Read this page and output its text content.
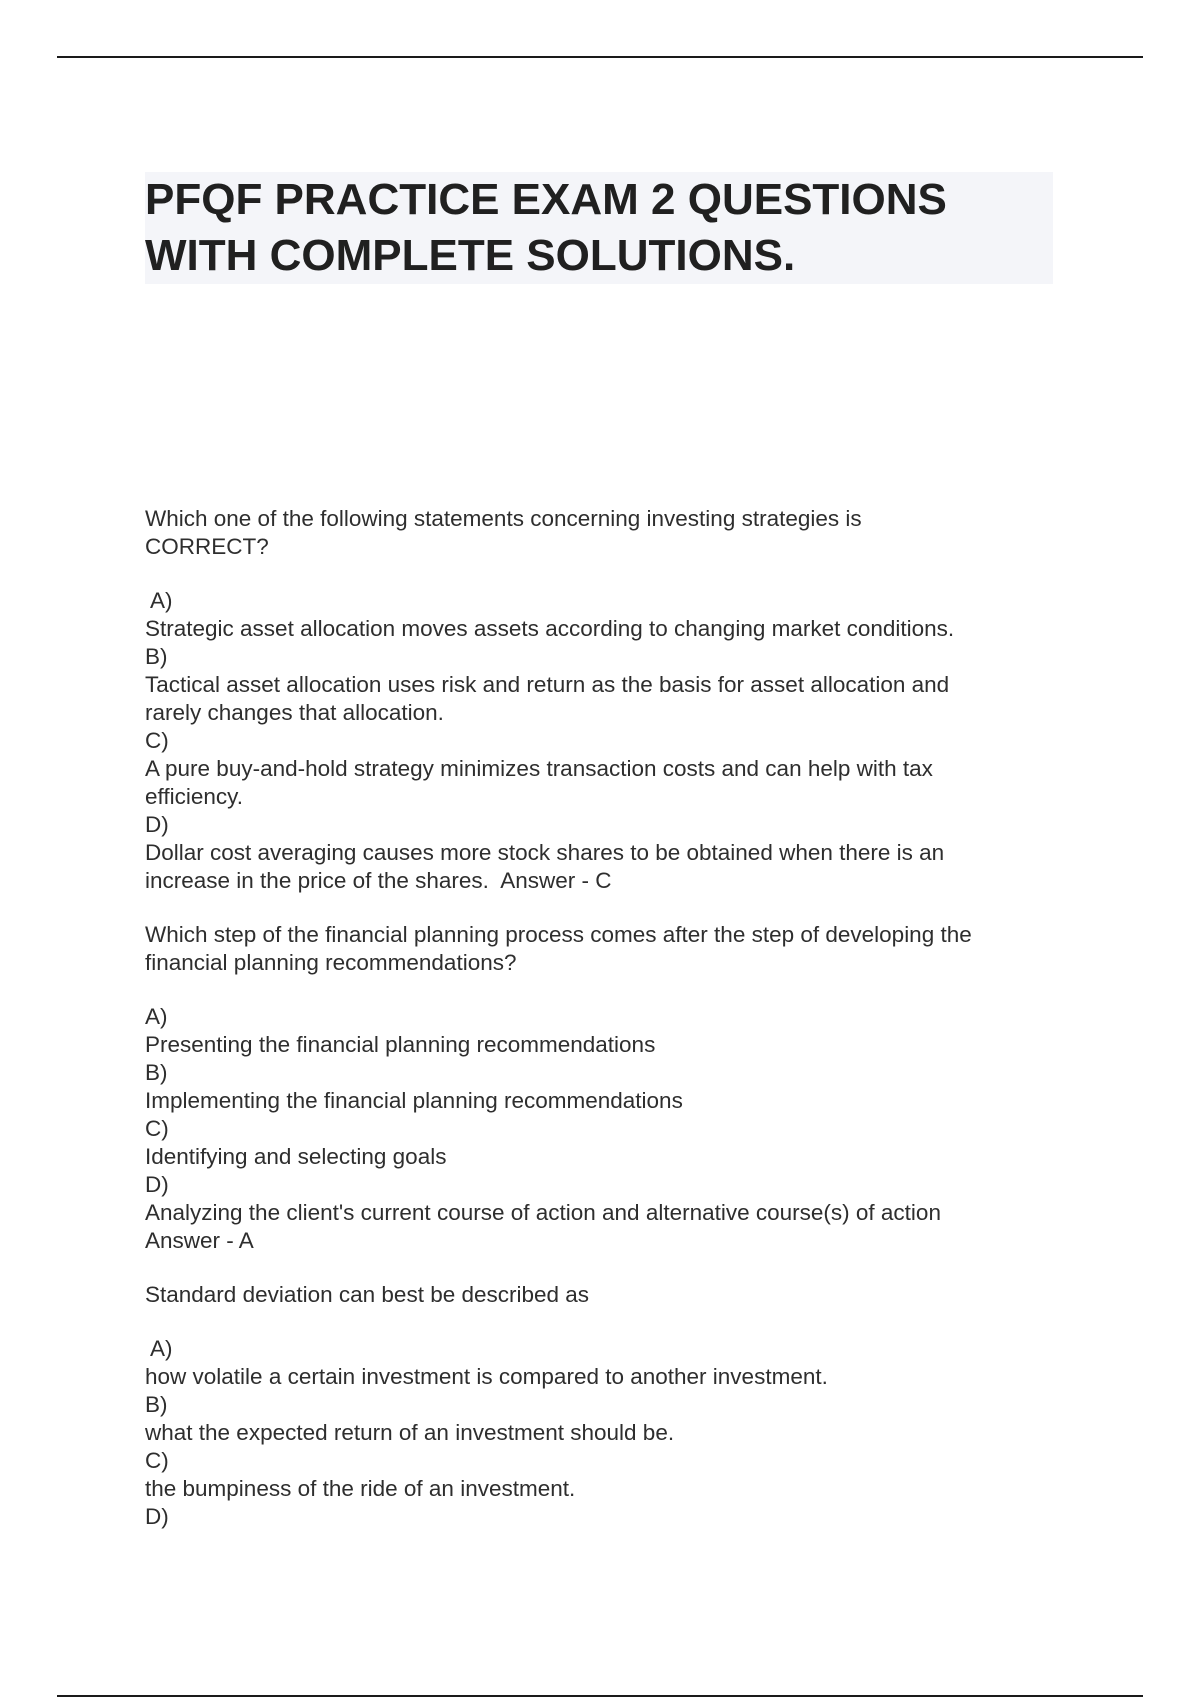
PFQF PRACTICE EXAM 2 QUESTIONS
WITH COMPLETE SOLUTIONS.
Which one of the following statements concerning investing strategies is
CORRECT?
A)
Strategic asset allocation moves assets according to changing market conditions.
B)
Tactical asset allocation uses risk and return as the basis for asset allocation and
rarely changes that allocation.
C)
A pure buy-and-hold strategy minimizes transaction costs and can help with tax
efficiency.
D)
Dollar cost averaging causes more stock shares to be obtained when there is an
increase in the price of the shares.  Answer - C
Which step of the financial planning process comes after the step of developing the
financial planning recommendations?
A)
Presenting the financial planning recommendations
B)
Implementing the financial planning recommendations
C)
Identifying and selecting goals
D)
Analyzing the client's current course of action and alternative course(s) of action
Answer - A
Standard deviation can best be described as
A)
how volatile a certain investment is compared to another investment.
B)
what the expected return of an investment should be.
C)
the bumpiness of the ride of an investment.
D)
